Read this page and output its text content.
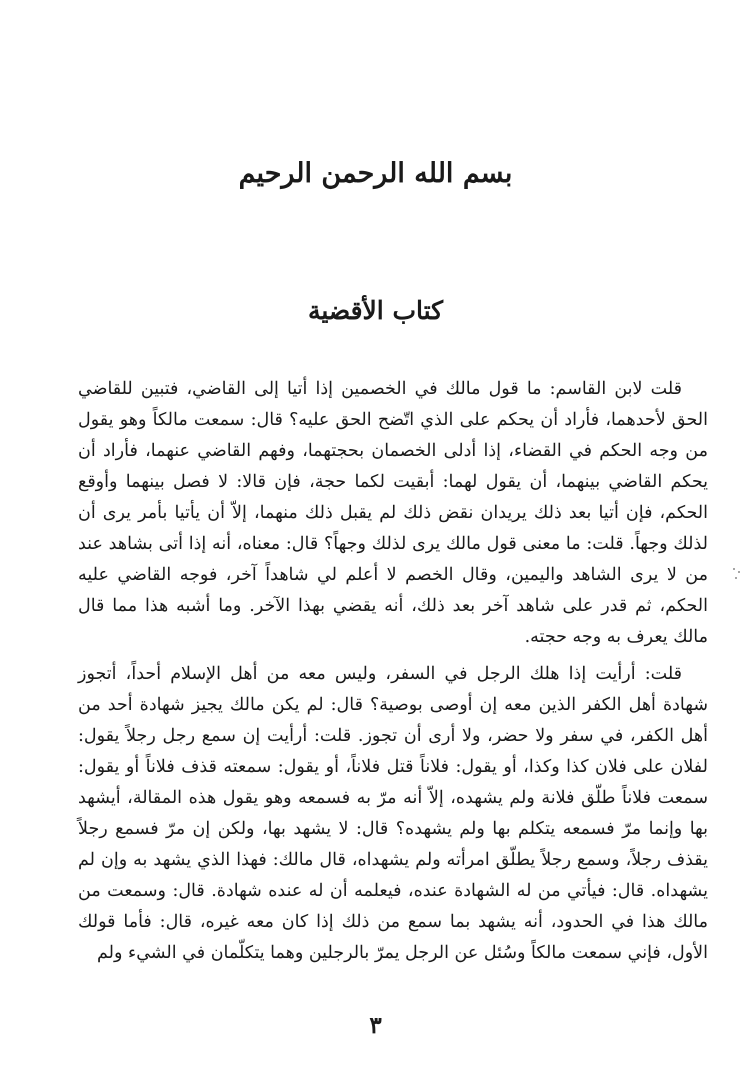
بسم الله الرحمن الرحيم
كتاب الأقضية

قلت لابن القاسم: ما قول مالك في الخصمين إذا أتيا إلى القاضي، فتبين للقاضي الحق لأحدهما، فأراد أن يحكم على الذي اتّضح الحق عليه؟ قال: سمعت مالكاً وهو يقول من وجه الحكم في القضاء، إذا أدلى الخصمان بحجتهما، وفهم القاضي عنهما، فأراد أن يحكم القاضي بينهما، أن يقول لهما: أبقيت لكما حجة، فإن قالا: لا فصل بينهما وأوقع الحكم، فإن أتيا بعد ذلك يريدان نقض ذلك لم يقبل ذلك منهما، إلاّ أن يأتيا بأمر يرى أن لذلك وجهاً. قلت: ما معنى قول مالك يرى لذلك وجهاً؟ قال: معناه، أنه إذا أتى بشاهد عند من لا يرى الشاهد واليمين، وقال الخصم لا أعلم لي شاهداً آخر، فوجه القاضي عليه الحكم، ثم قدر على شاهد آخر بعد ذلك، أنه يقضي بهذا الآخر. وما أشبه هذا مما قال مالك يعرف به وجه حجته.

قلت: أرأيت إذا هلك الرجل في السفر، وليس معه من أهل الإسلام أحداً، أتجوز شهادة أهل الكفر الذين معه إن أوصى بوصية؟ قال: لم يكن مالك يجيز شهادة أحد من أهل الكفر، في سفر ولا حضر، ولا أرى أن تجوز. قلت: أرأيت إن سمع رجل رجلاً يقول: لفلان على فلان كذا وكذا، أو يقول: فلاناً قتل فلاناً، أو يقول: سمعته قذف فلاناً أو يقول: سمعت فلاناً طلّق فلانة ولم يشهده، إلاّ أنه مرّ به فسمعه وهو يقول هذه المقالة، أيشهد بها وإنما مرّ فسمعه يتكلم بها ولم يشهده؟ قال: لا يشهد بها، ولكن إن مرّ فسمع رجلاً يقذف رجلاً، وسمع رجلاً يطلّق امرأته ولم يشهداه، قال مالك: فهذا الذي يشهد به وإن لم يشهداه. قال: فيأتي من له الشهادة عنده، فيعلمه أن له عنده شهادة. قال: وسمعت من مالك هذا في الحدود، أنه يشهد بما سمع من ذلك إذا كان معه غيره، قال: فأما قولك الأول، فإني سمعت مالكاً وسُئل عن الرجل يمرّ بالرجلين وهما يتكلّمان في الشيء ولم

٣
